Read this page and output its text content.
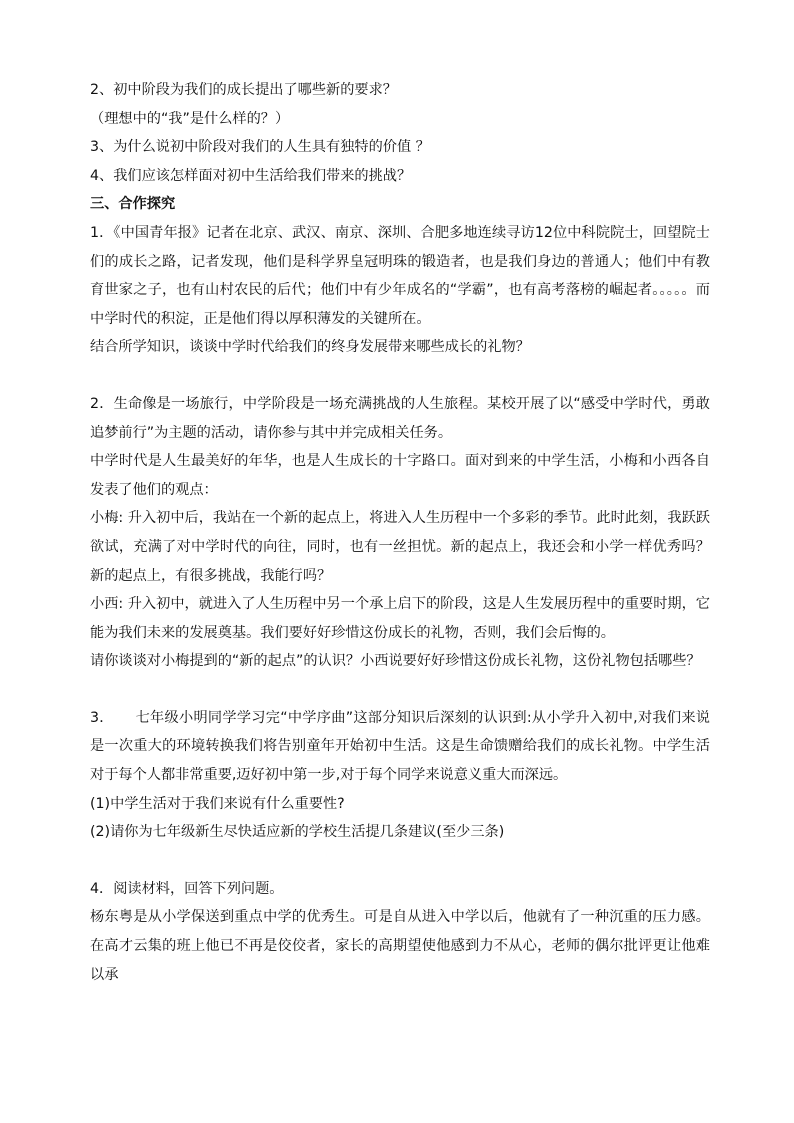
2、初中阶段为我们的成长提出了哪些新的要求？
（理想中的“我”是什么样的？）
3、为什么说初中阶段对我们的人生具有独特的价值 ？
4、我们应该怎样面对初中生活给我们带来的挑战？
三、合作探究
1．《中国青年报》记者在北京、武汉、南京、深圳、合肥多地连续寻访12位中科院院士，回望院士们的成长之路，记者发现，他们是科学界皇冠明珠的锻造者，也是我们身边的普通人；他们中有教育世家之子，也有山村农民的后代；他们中有少年成名的“学霸”，也有高考落榜的崛起者。。。。。而中学时代的积淀，正是他们得以厚积薄发的关键所在。
结合所学知识，谈谈中学时代给我们的终身发展带来哪些成长的礼物？
2．生命像是一场旅行，中学阶段是一场充满挑战的人生旅程。某校开展了以“感受中学时代，勇敢追梦前行”为主题的活动，请你参与其中并完成相关任务。
中学时代是人生最美好的年华，也是人生成长的十字路口。面对到来的中学生活，小梅和小西各自发表了他们的观点：
小梅: 升入初中后，我站在一个新的起点上，将进入人生历程中一个多彩的季节。此时此刻，我跃跃欲试，充满了对中学时代的向往，同时，也有一丝担忧。新的起点上，我还会和小学一样优秀吗？新的起点上，有很多挑战，我能行吗？
小西: 升入初中，就进入了人生历程中另一个承上启下的阶段，这是人生发展历程中的重要时期，它能为我们未来的发展奠基。我们要好好珍惜这份成长的礼物，否则，我们会后悔的。
请你谈谈对小梅提到的“新的起点”的认识？小西说要好好珍惜这份成长礼物，这份礼物包括哪些？
3．　　七年级小明同学学习完“中学序曲”这部分知识后深刻的认识到:从小学升入初中,对我们来说是一次重大的环境转换我们将告别童年开始初中生活。这是生命馈赠给我们的成长礼物。中学生活对于每个人都非常重要,迈好初中第一步,对于每个同学来说意义重大而深远。
(1)中学生活对于我们来说有什么重要性?
(2)请你为七年级新生尽快适应新的学校生活提几条建议(至少三条)
4．阅读材料，回答下列问题。
杨东粤是从小学保送到重点中学的优秀生。可是自从进入中学以后，他就有了一种沉重的压力感。在高才云集的班上他已不再是佼佼者，家长的高期望使他感到力不从心，老师的偶尔批评更让他难以承
